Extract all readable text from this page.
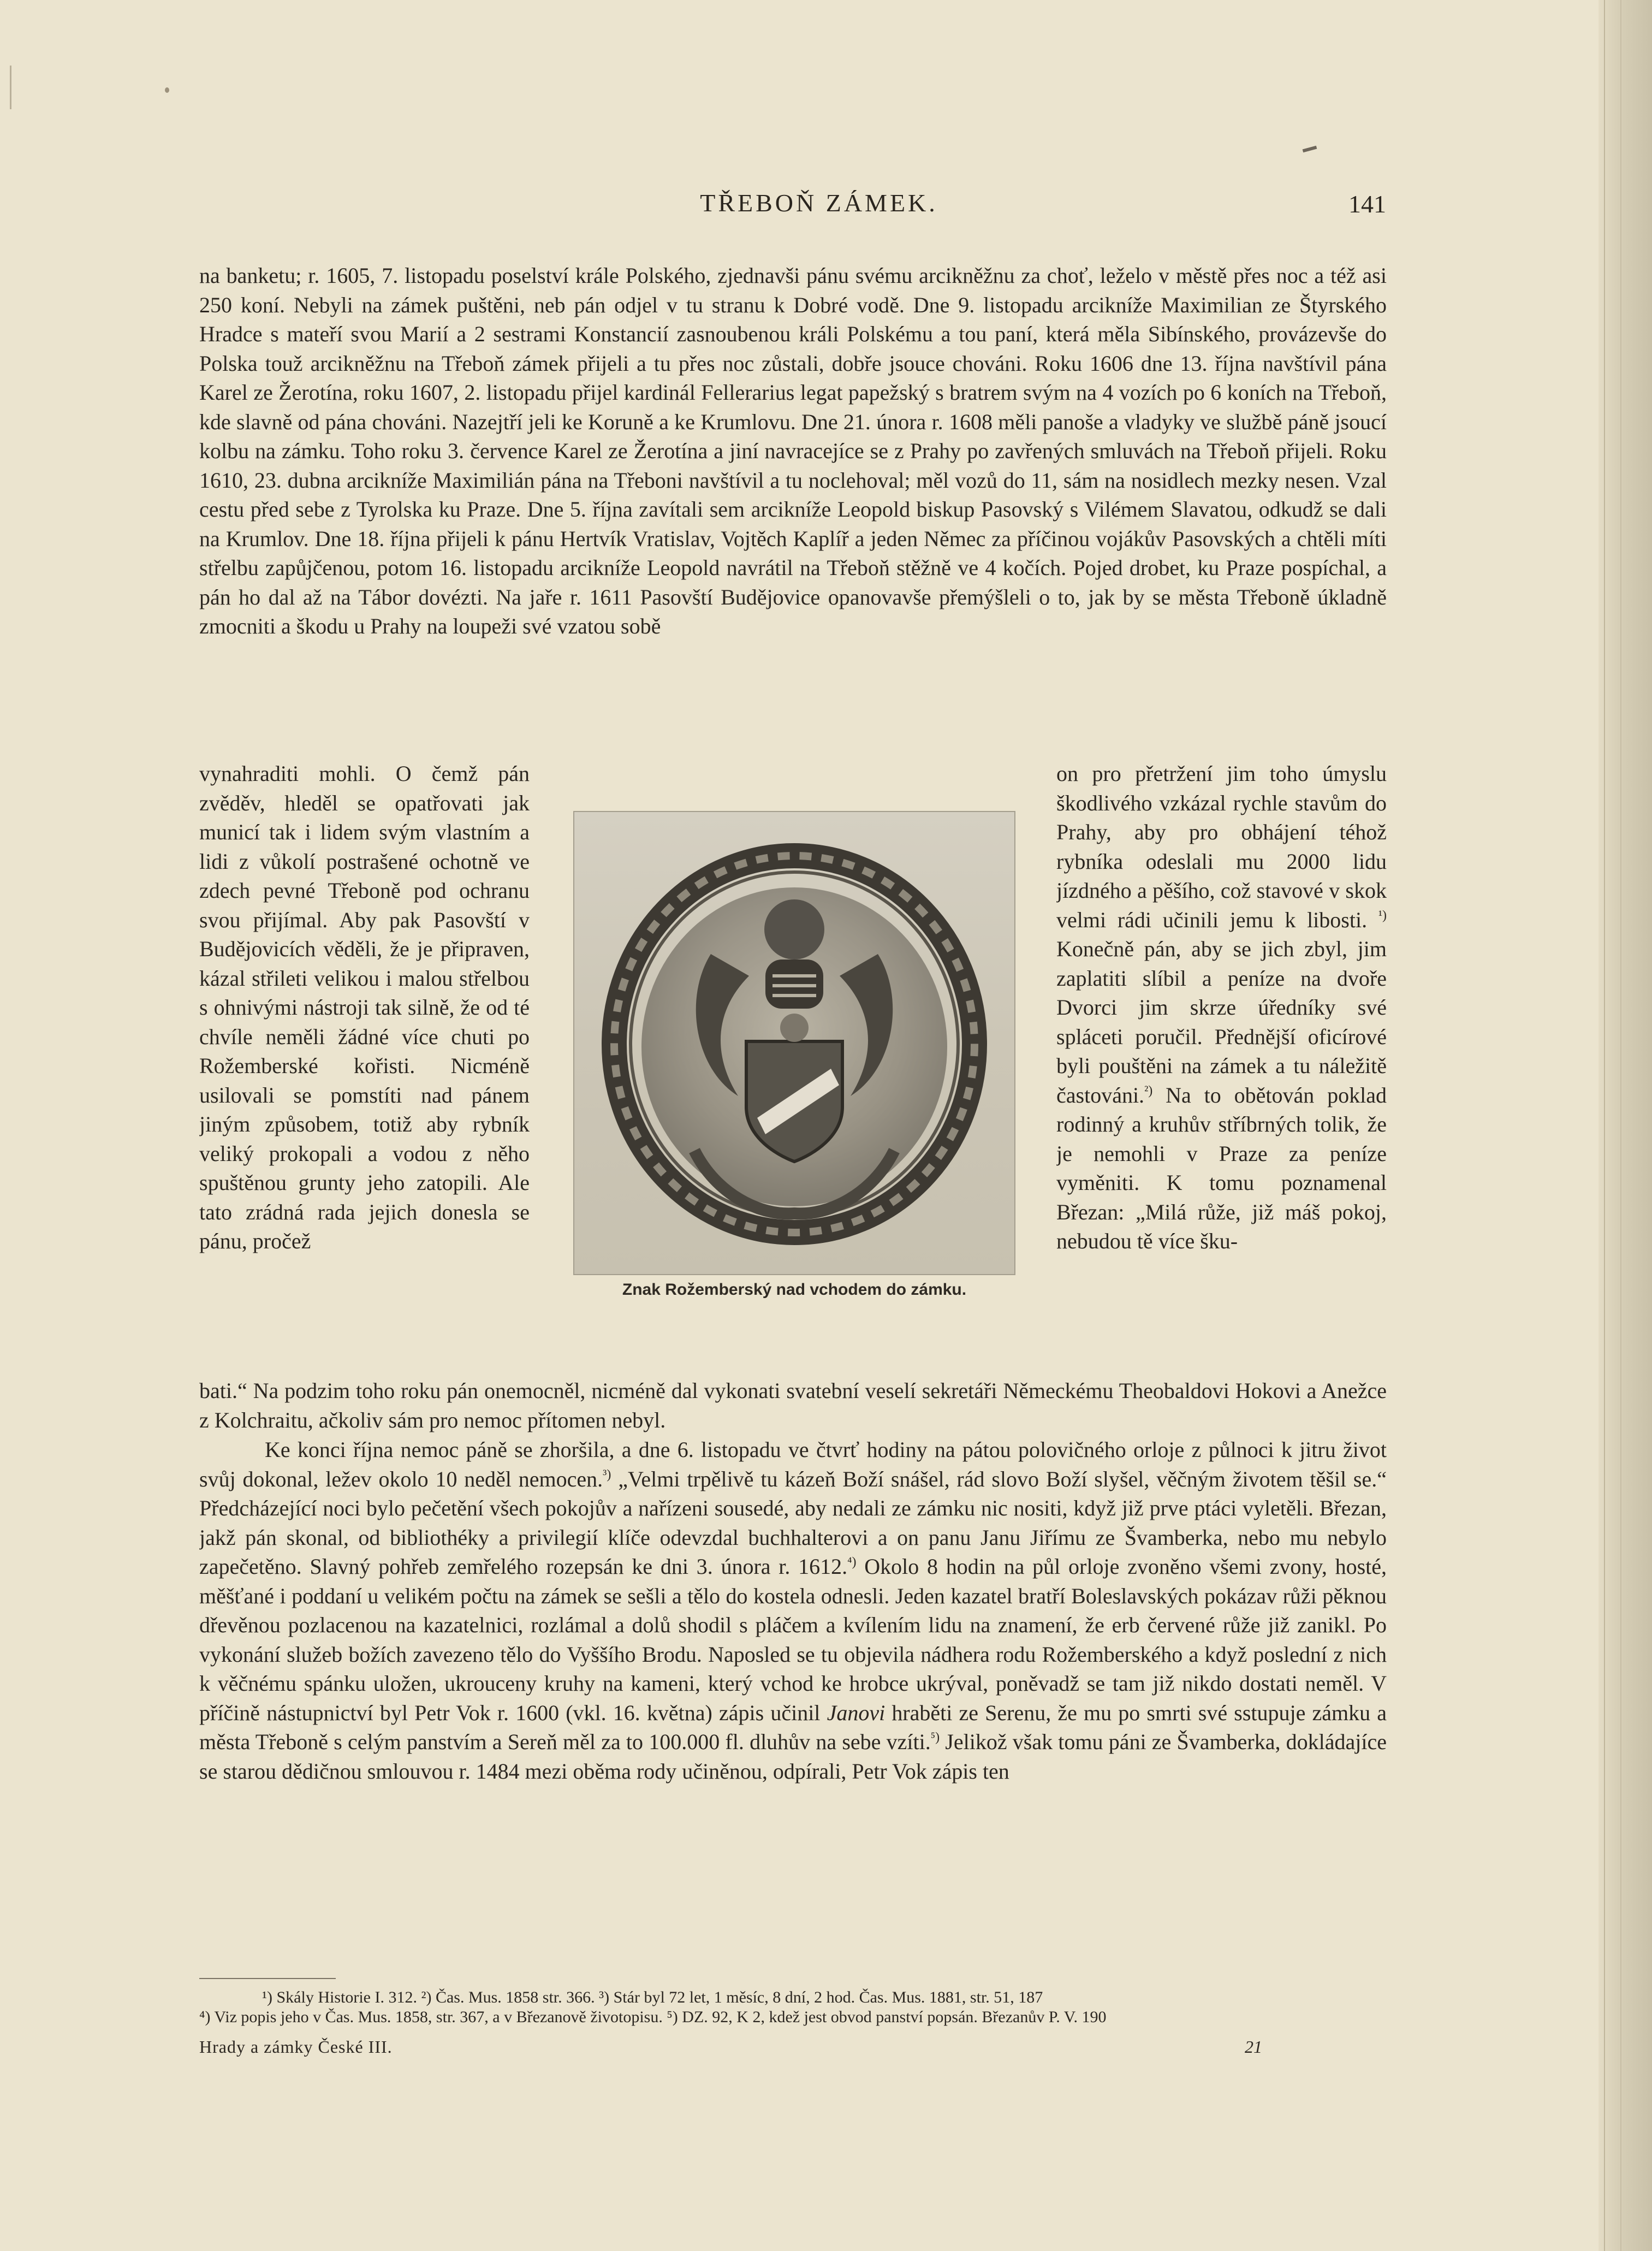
TŘEBOŇ ZÁMEK.	141
na banketu; r. 1605, 7. listopadu poselství krále Polského, zjednavši pánu svému arcikněžnu za choť, leželo v městě přes noc a též asi 250 koní. Nebyli na zámek puštěni, neb pán odjel v tu stranu k Dobré vodě. Dne 9. listopadu arcikníže Maximilian ze Štyrského Hradce s mateří svou Marií a 2 sestrami Konstancií zasnoubenou králi Polskému a tou paní, která měla Sibínského, provázevše do Polska touž arcikněžnu na Třeboň zámek přijeli a tu přes noc zůstali, dobře jsouce chováni. Roku 1606 dne 13. října navštívil pána Karel ze Žerotína, roku 1607, 2. listopadu přijel kardinál Fellerarius legat papežský s bratrem svým na 4 vozích po 6 koních na Třeboň, kde slavně od pána chováni. Nazejtří jeli ke Koruně a ke Krumlovu. Dne 21. února r. 1608 měli panoše a vladyky ve službě páně jsoucí kolbu na zámku. Toho roku 3. července Karel ze Žerotína a jiní navracejíce se z Prahy po zavřených smluvách na Třeboň přijeli. Roku 1610, 23. dubna arcikníže Maximilián pána na Třeboni navštívil a tu noclehoval; měl vozů do 11, sám na nosidlech mezky nesen. Vzal cestu před sebe z Tyrolska ku Praze. Dne 5. října zavítali sem arcikníže Leopold biskup Pasovský s Vilémem Slavatou, odkudž se dali na Krumlov. Dne 18. října přijeli k pánu Hertvík Vratislav, Vojtěch Kaplíř a jeden Němec za příčinou vojákův Pasovských a chtěli míti střelbu zapůjčenou, potom 16. listopadu arcikníže Leopold navrátil na Třeboň stěžně ve 4 kočích. Pojed drobet, ku Praze pospíchal, a pán ho dal až na Tábor dovézti. Na jaře r. 1611 Pasovští Budějovice opanovavše přemýšleli o to, jak by se města Třeboně úkladně zmocniti a škodu u Prahy na loupeži své vzatou sobě
vynahraditi mohli. O čemž pán zvěděv, hleděl se opatřovati jak municí tak i lidem svým vlastním a lidi z vůkolí postrašené ochotně ve zdech pevné Třeboně pod ochranu svou přijímal. Aby pak Pasovští v Budějovicích věděli, že je připraven, kázal střileti velikou i malou střelbou s ohnivými nástroji tak silně, že od té chvíle neměli žádné více chuti po Rožemberské kořisti. Nicméně usilovali se pomstíti nad pánem jiným způsobem, totiž aby rybník veliký prokopali a vodou z něho spuštěnou grunty jeho zatopili. Ale tato zrádná rada jejich donesla se pánu, pročež
on pro přetržení jim toho úmyslu škodlivého vzkázal rychle stavům do Prahy, aby pro obhájení téhož rybníka odeslali mu 2000 lidu jízdného a pěšího, což stavové v skok velmi rádi učinili jemu k libosti. $^{^1)}$ Konečně pán, aby se jich zbyl, jim zaplatiti slíbil a peníze na dvoře Dvorci jim skrze úředníky své spláceti poručil. Přednější oficírové byli pouštěni na zámek a tu náležitě častováni.$^{^2)}$ Na to obětován poklad rodinný a kruhův stříbrných tolik, že je nemohli v Praze za peníze vyměniti. K tomu poznamenal Březan: „Milá růže, již máš pokoj, nebudou tě více šku-
Znak Rožemberský nad vchodem do zámku.
bati.“ Na podzim toho roku pán onemocněl, nicméně dal vykonati svatební veselí sekretáři Německému Theobaldovi Hokovi a Anežce z Kolchraitu, ačkoliv sám pro nemoc přítomen nebyl.
Ke konci října nemoc páně se zhoršila, a dne 6. listopadu ve čtvrť hodiny na pátou polovičného orloje z půlnoci k jitru život svůj dokonal, ležev okolo 10 neděl nemocen.$^{^3)}$ „Velmi trpělivě tu kázeň Boží snášel, rád slovo Boží slyšel, věčným životem těšil se.“ Předcházející noci bylo pečetění všech pokojův a nařízeni sousedé, aby nedali ze zámku nic nositi, když již prve ptáci vyletěli. Březan, jakž pán skonal, od bibliothéky a privilegií klíče odevzdal buchhalterovi a on panu Janu Jiřímu ze Švamberka, nebo mu nebylo zapečetěno. Slavný pohřeb zemřelého rozepsán ke dni 3. února r. 1612.$^{^4)}$ Okolo 8 hodin na půl orloje zvoněno všemi zvony, hosté, měšťané i poddaní u velikém počtu na zámek se sešli a tělo do kostela odnesli. Jeden kazatel bratří Boleslavských pokázav růži pěknou dřevěnou pozlacenou na kazatelnici, rozlámal a dolů shodil s pláčem a kvílením lidu na znamení, že erb červené růže již zanikl. Po vykonání služeb božích zavezeno tělo do Vyššího Brodu. Naposled se tu objevila nádhera rodu Rožemberského a když poslední z nich k věčnému spánku uložen, ukrouceny kruhy na kameni, který vchod ke hrobce ukrýval, poněvadž se tam již nikdo dostati neměl. V příčině nástupnictví byl Petr Vok r. 1600 (vkl. 16. května) zápis učinil Janovi hraběti ze Serenu, že mu po smrti své sstupuje zámku a města Třeboně s celým panstvím a Sereň měl za to 100.000 fl. dluhův na sebe vzíti.$^{^5)}$ Jelikož však tomu páni ze Švamberka, dokládajíce se starou dědičnou smlouvou r. 1484 mezi oběma rody učiněnou, odpírali, Petr Vok zápis ten
¹) Skály Historie I. 312. ²) Čas. Mus. 1858 str. 366. ³) Stár byl 72 let, 1 měsíc, 8 dní, 2 hod. Čas. Mus. 1881, str. 51, 187
⁴) Viz popis jeho v Čas. Mus. 1858, str. 367, a v Březanově životopisu. ⁵) DZ. 92, K 2, kdež jest obvod panství popsán. Březanův P. V. 190
Hrady a zámky České III.	21
